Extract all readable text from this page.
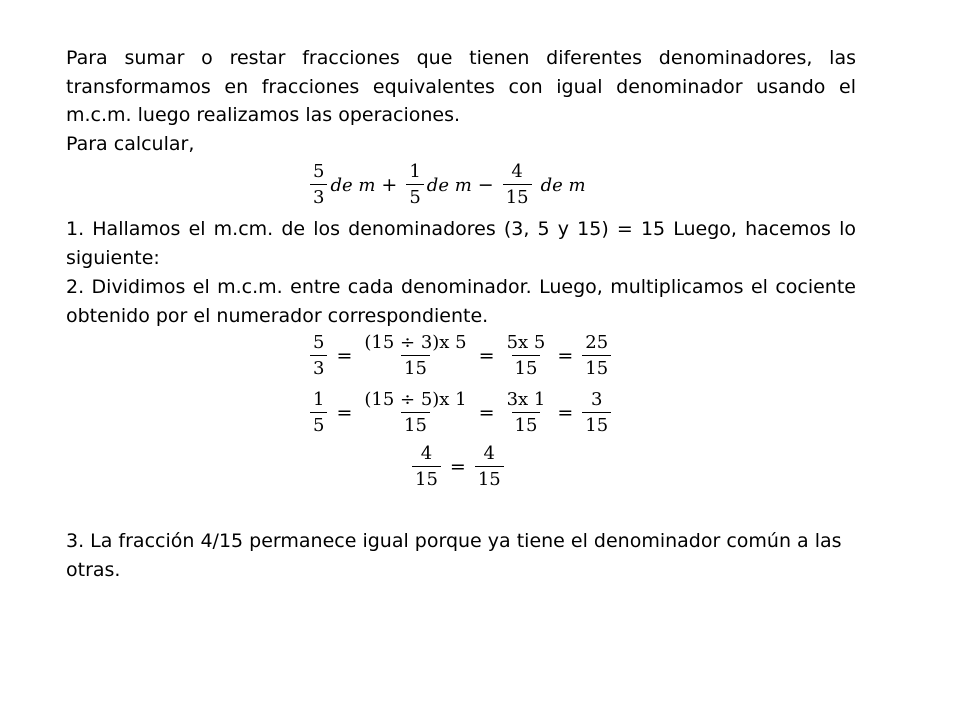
Para sumar o restar fracciones que tienen diferentes denominadores, las transformamos en fracciones equivalentes con igual denominador usando el m.c.m. luego realizamos las operaciones.

Para calcular,

$\frac{5}{3}$ de $m + \frac{1}{5}$ de $m - \frac{4}{15}$ de m

1. Hallamos el m.cm. de los denominadores (3, 5 y 15) = 15 Luego, hacemos lo siguiente:

2. Dividimos el m.c.m. entre cada denominador. Luego, multiplicamos el cociente obtenido por el numerador correspondiente.

$\frac{5}{3} = \frac{(15 \div 3)x 5}{15} = \frac{5x 5}{15} = \frac{25}{15}$
$\frac{1}{5} = \frac{(15 \div 5)x 1}{15} = \frac{3x 1}{15} = \frac{3}{15}$
$\frac{4}{15} = \frac{4}{15}$

3. La fracción 4/15 permanece igual porque ya tiene el denominador común a las otras.
